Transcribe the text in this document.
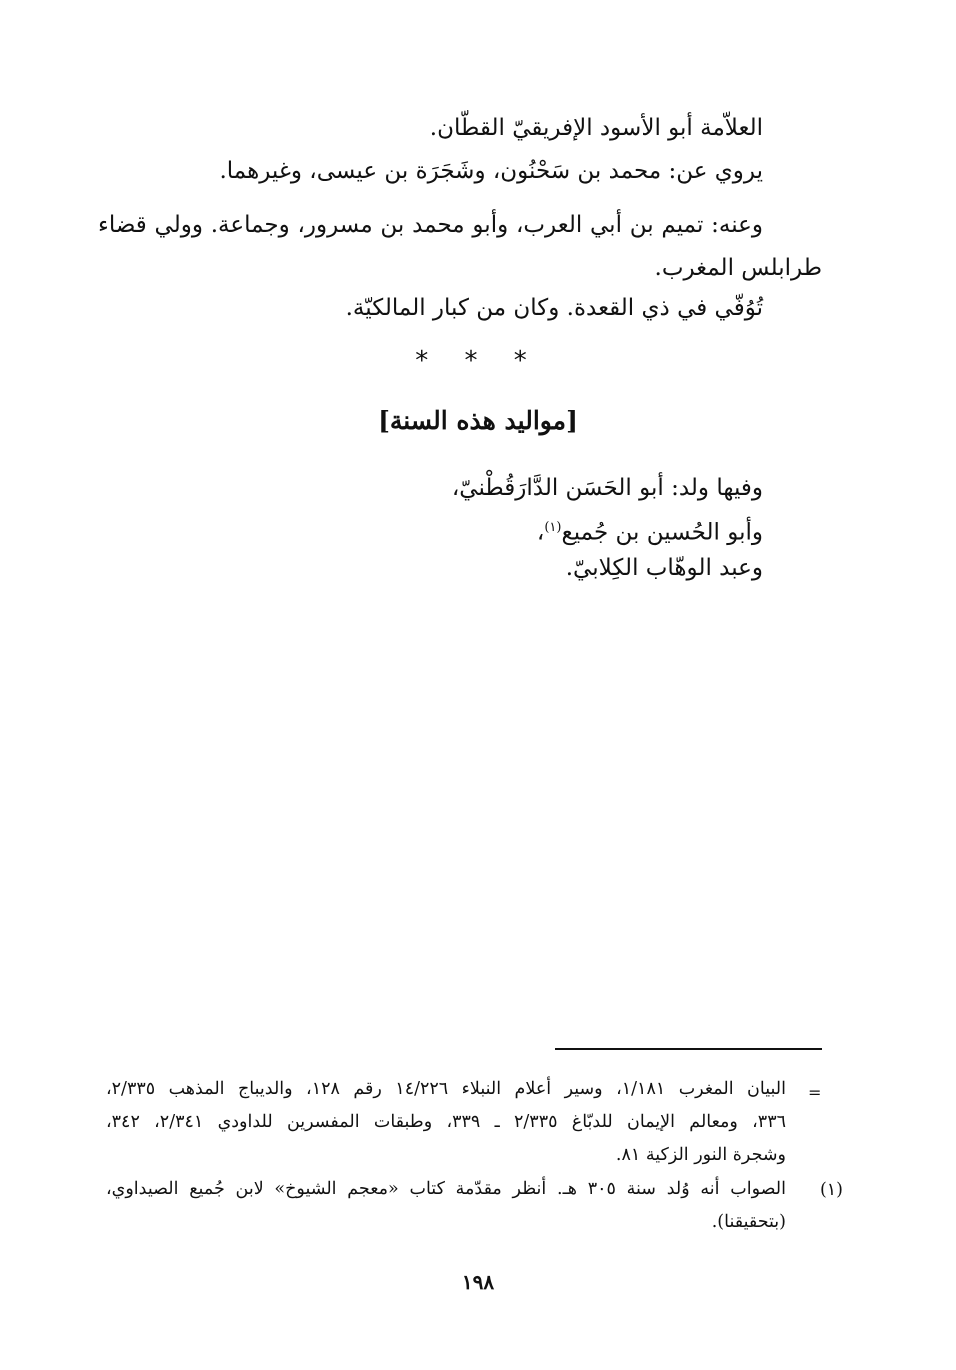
العلاّمة أبو الأسود الإفريقيّ القطّان.
يروي عن: محمد بن سَحْنُون، وشَجَرَة بن عيسى، وغيرهما.
وعنه: تميم بن أبي العرب، وأبو محمد بن مسرور، وجماعة. وولي قضاء
طرابلس المغرب.
تُوُفّي في ذي القعدة. وكان من كبار المالكيّة.
* * *
[مواليد هذه السنة]
وفيها ولد: أبو الحَسَن الدَّارَقُطْنيّ،
وأبو الحُسين بن جُميع$^{(١)}$،
وعبد الوهّاب الكِلابيّ.
=
البيان المغرب ١/١٨١، وسير أعلام النبلاء ١٤/٢٢٦ رقم ١٢٨، والديباج المذهب ٢/٣٣٥،
٣٣٦، ومعالم الإيمان للدبّاغ ٢/٣٣٥ ـ ٣٣٩، وطبقات المفسرين للداودي ٢/٣٤١، ٣٤٢،
وشجرة النور الزكية ٨١.
(١)
الصواب أنه وُلد سنة ٣٠٥ هـ. أنظر مقدّمة كتاب «معجم الشيوخ» لابن جُميع الصيداوي،
(بتحقيقنا).
١٩٨
